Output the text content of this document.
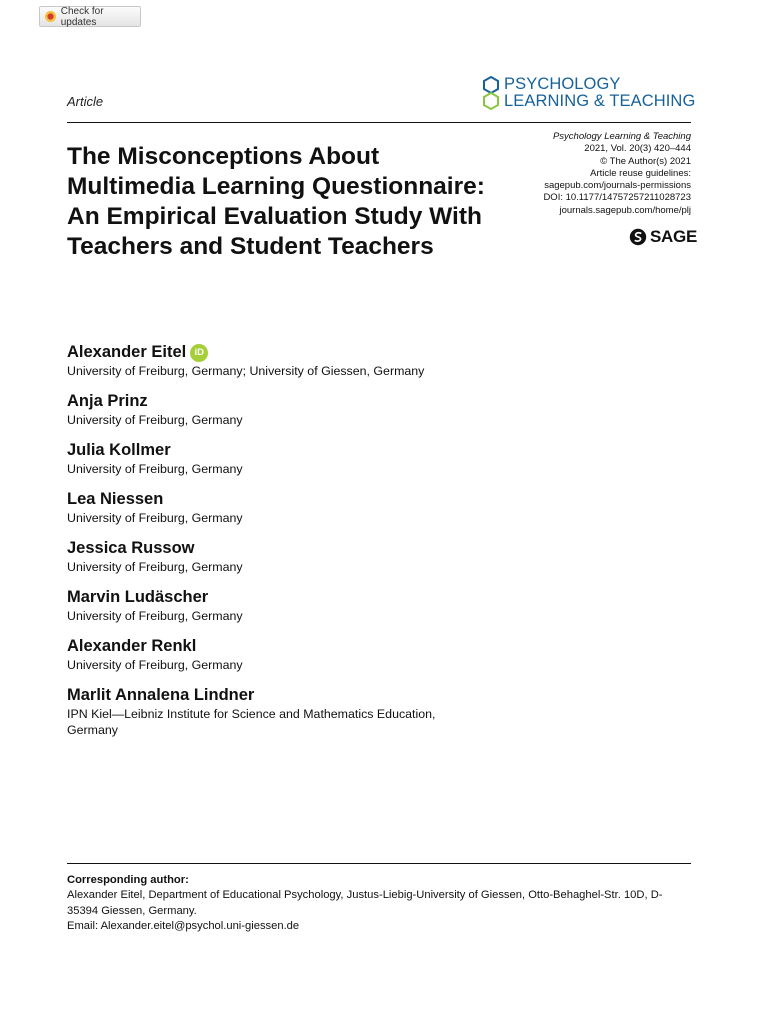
Check for updates
Article
PSYCHOLOGY
LEARNING & TEACHING
Psychology Learning & Teaching
2021, Vol. 20(3) 420–444
© The Author(s) 2021
Article reuse guidelines:
sagepub.com/journals-permissions
DOI: 10.1177/14757257211028723
journals.sagepub.com/home/plj
SAGE
The Misconceptions About Multimedia Learning Questionnaire: An Empirical Evaluation Study With Teachers and Student Teachers
Alexander Eitel iD
University of Freiburg, Germany; University of Giessen, Germany
Anja Prinz
University of Freiburg, Germany
Julia Kollmer
University of Freiburg, Germany
Lea Niessen
University of Freiburg, Germany
Jessica Russow
University of Freiburg, Germany
Marvin Ludäscher
University of Freiburg, Germany
Alexander Renkl
University of Freiburg, Germany
Marlit Annalena Lindner
IPN Kiel—Leibniz Institute for Science and Mathematics Education, Germany
Corresponding author:
Alexander Eitel, Department of Educational Psychology, Justus-Liebig-University of Giessen, Otto-Behaghel-Str. 10D, D-35394 Giessen, Germany.
Email: Alexander.eitel@psychol.uni-giessen.de
